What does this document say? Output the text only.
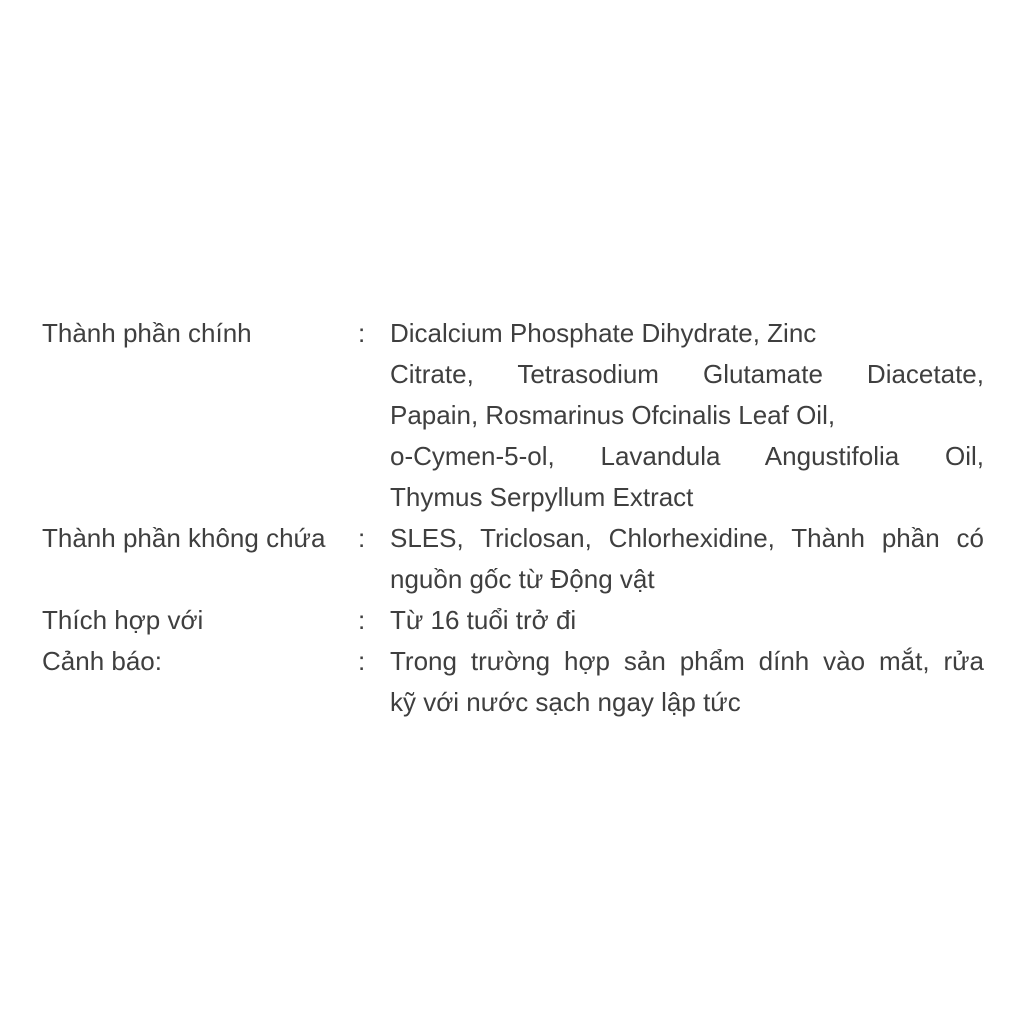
Thành phần chính	: Dicalcium Phosphate Dihydrate, Zinc
Citrate, Tetrasodium Glutamate Diacetate,
Papain, Rosmarinus Ofcinalis Leaf Oil,
o-Cymen-5-ol, Lavandula Angustifolia Oil,
Thymus Serpyllum Extract
Thành phần không chứa	: SLES, Triclosan, Chlorhexidine, Thành phần có
nguồn gốc từ Động vật
Thích hợp với	: Từ 16 tuổi trở đi
Cảnh báo:	: Trong trường hợp sản phẩm dính vào mắt, rửa
kỹ với nước sạch ngay lập tức
